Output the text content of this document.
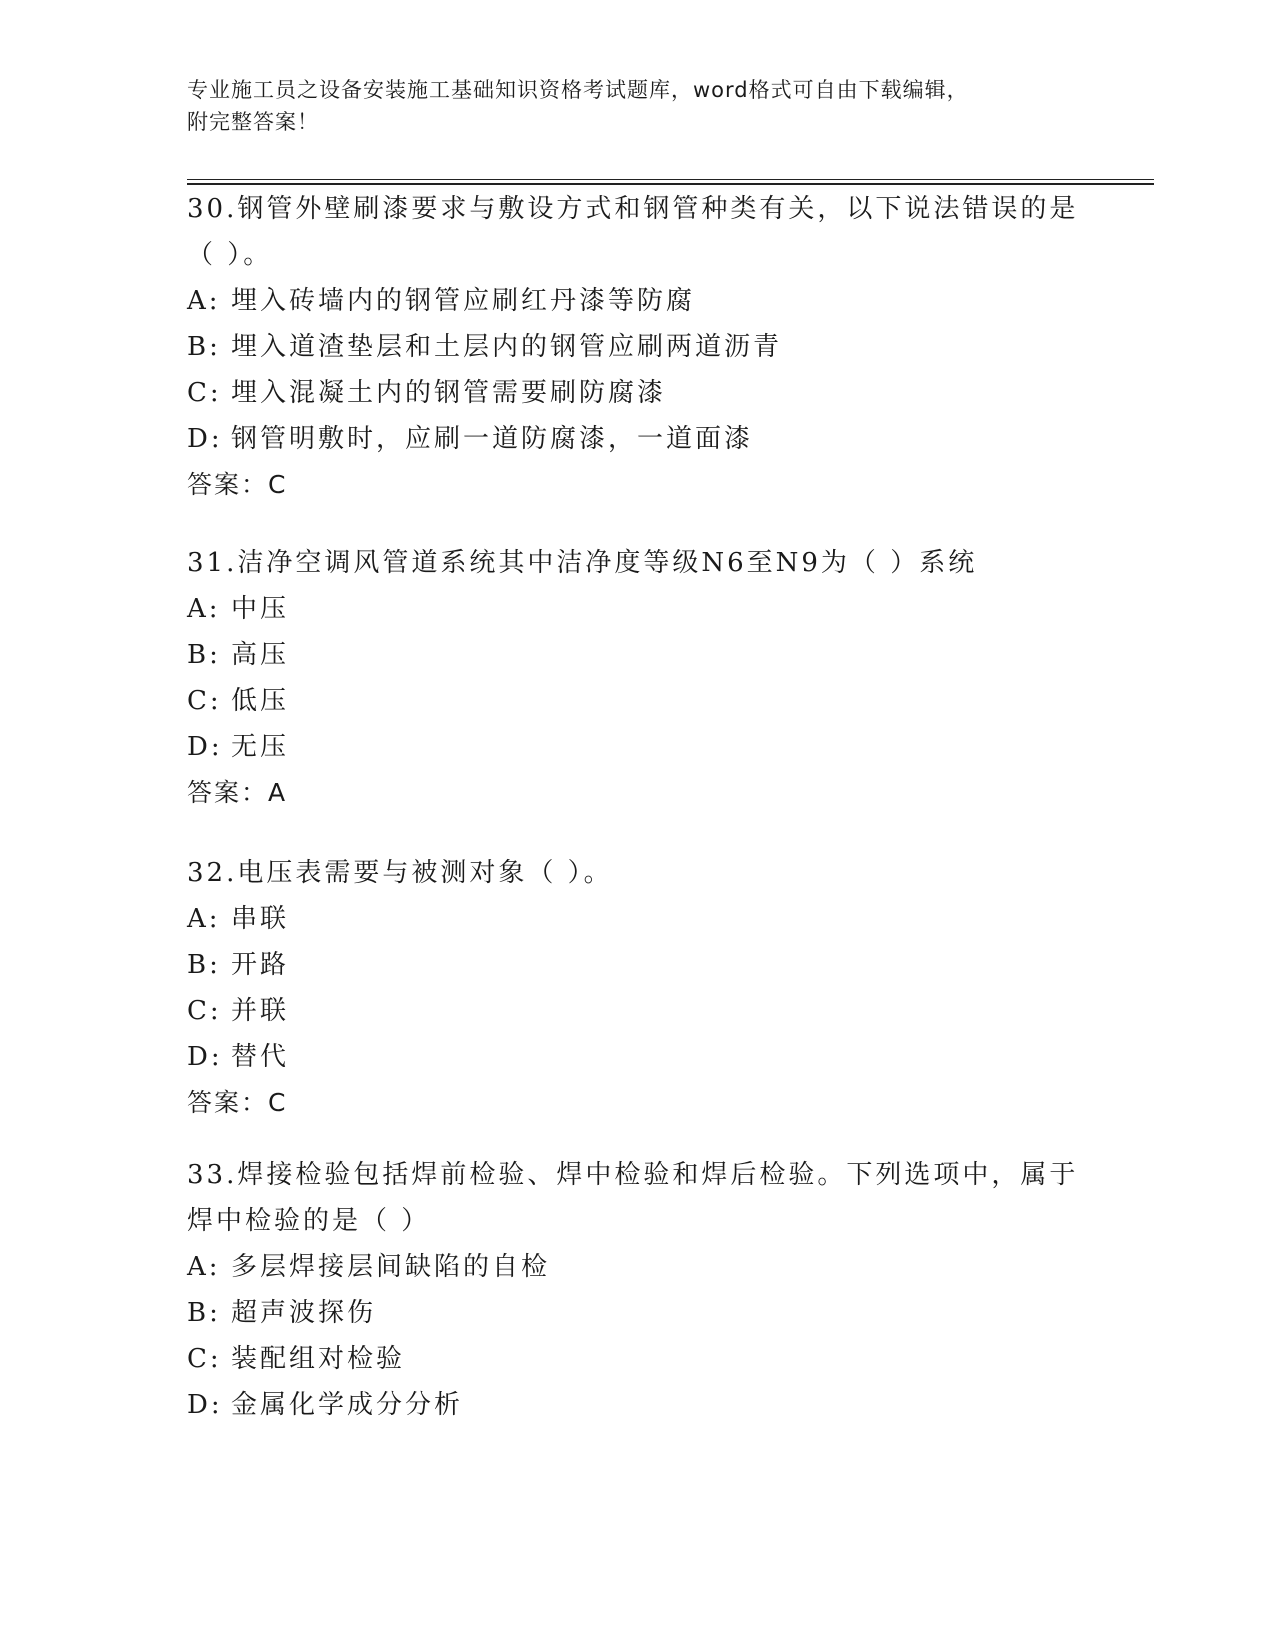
专业施工员之设备安装施工基础知识资格考试题库，word格式可自由下载编辑，
附完整答案！

30.钢管外壁刷漆要求与敷设方式和钢管种类有关，以下说法错误的是（ ）。

A: 埋入砖墙内的钢管应刷红丹漆等防腐
B: 埋入道渣垫层和土层内的钢管应刷两道沥青
C: 埋入混凝土内的钢管需要刷防腐漆
D: 钢管明敷时，应刷一道防腐漆，一道面漆
答案：C

31.洁净空调风管道系统其中洁净度等级N6至N9为（ ）系统

A: 中压
B: 高压
C: 低压
D: 无压
答案：A

32.电压表需要与被测对象（ ）。

A: 串联
B: 开路
C: 并联
D: 替代
答案：C

33.焊接检验包括焊前检验、焊中检验和焊后检验。下列选项中，属于焊中检验的是（ ）

A: 多层焊接层间缺陷的自检
B: 超声波探伤
C: 装配组对检验
D: 金属化学成分分析
